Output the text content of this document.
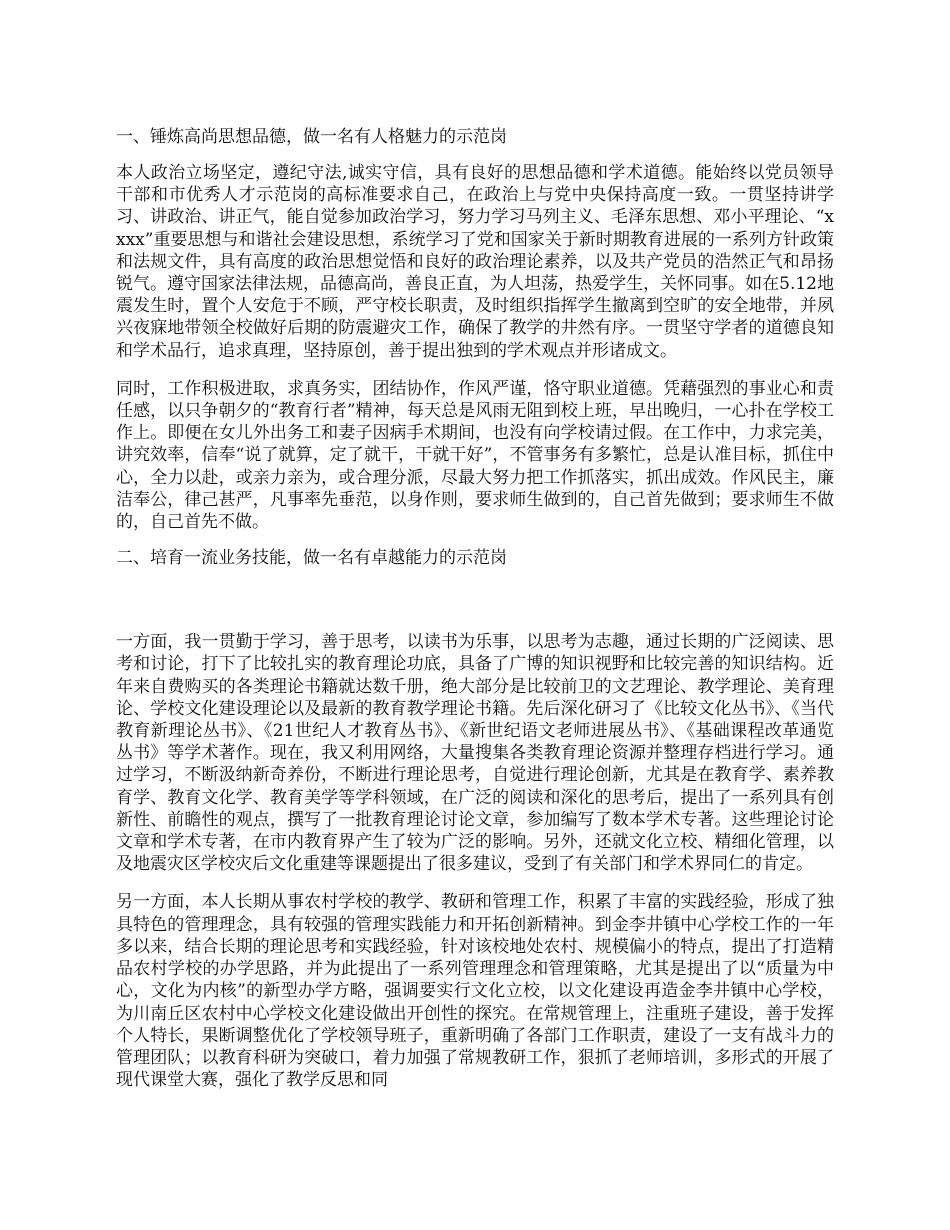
一、锤炼高尚思想品德，做一名有人格魅力的示范岗

本人政治立场坚定，遵纪守法,诚实守信，具有良好的思想品德和学术道德。能始终以党员领导干部和市优秀人才示范岗的高标准要求自己，在政治上与党中央保持高度一致。一贯坚持讲学习、讲政治、讲正气，能自觉参加政治学习，努力学习马列主义、毛泽东思想、邓小平理论、“xxxx”重要思想与和谐社会建设思想，系统学习了党和国家关于新时期教育进展的一系列方针政策和法规文件，具有高度的政治思想觉悟和良好的政治理论素养，以及共产党员的浩然正气和昂扬锐气。遵守国家法律法规，品德高尚，善良正直，为人坦荡，热爱学生，关怀同事。如在5.12地震发生时，置个人安危于不顾，严守校长职责，及时组织指挥学生撤离到空旷的安全地带，并夙兴夜寐地带领全校做好后期的防震避灾工作，确保了教学的井然有序。一贯坚守学者的道德良知和学术品行，追求真理，坚持原创，善于提出独到的学术观点并形诸成文。

同时，工作积极进取，求真务实，团结协作，作风严谨，恪守职业道德。凭藉强烈的事业心和责任感，以只争朝夕的“教育行者”精神，每天总是风雨无阻到校上班，早出晚归，一心扑在学校工作上。即便在女儿外出务工和妻子因病手术期间，也没有向学校请过假。在工作中，力求完美，讲究效率，信奉“说了就算，定了就干，干就干好”，不管事务有多繁忙，总是认准目标，抓住中心，全力以赴，或亲力亲为，或合理分派，尽最大努力把工作抓落实，抓出成效。作风民主，廉洁奉公，律己甚严，凡事率先垂范，以身作则，要求师生做到的，自己首先做到；要求师生不做的，自己首先不做。

二、培育一流业务技能，做一名有卓越能力的示范岗

一方面，我一贯勤于学习，善于思考，以读书为乐事，以思考为志趣，通过长期的广泛阅读、思考和讨论，打下了比较扎实的教育理论功底，具备了广博的知识视野和比较完善的知识结构。近年来自费购买的各类理论书籍就达数千册，绝大部分是比较前卫的文艺理论、教学理论、美育理论、学校文化建设理论以及最新的教育教学理论书籍。先后深化研习了《比较文化丛书》、《当代教育新理论丛书》、《21世纪人才教育丛书》、《新世纪语文老师进展丛书》、《基础课程改革通览丛书》等学术著作。现在，我又利用网络，大量搜集各类教育理论资源并整理存档进行学习。通过学习，不断汲纳新奇养份，不断进行理论思考，自觉进行理论创新，尤其是在教育学、素养教育学、教育文化学、教育美学等学科领域，在广泛的阅读和深化的思考后，提出了一系列具有创新性、前瞻性的观点，撰写了一批教育理论讨论文章，参加编写了数本学术专著。这些理论讨论文章和学术专著，在市内教育界产生了较为广泛的影响。另外，还就文化立校、精细化管理，以及地震灾区学校灾后文化重建等课题提出了很多建议，受到了有关部门和学术界同仁的肯定。

另一方面，本人长期从事农村学校的教学、教研和管理工作，积累了丰富的实践经验，形成了独具特色的管理理念，具有较强的管理实践能力和开拓创新精神。到金李井镇中心学校工作的一年多以来，结合长期的理论思考和实践经验，针对该校地处农村、规模偏小的特点，提出了打造精品农村学校的办学思路，并为此提出了一系列管理理念和管理策略，尤其是提出了以“质量为中心，文化为内核”的新型办学方略，强调要实行文化立校，以文化建设再造金李井镇中心学校，为川南丘区农村中心学校文化建设做出开创性的探究。在常规管理上，注重班子建设，善于发挥个人特长，果断调整优化了学校领导班子，重新明确了各部门工作职责，建设了一支有战斗力的管理团队；以教育科研为突破口，着力加强了常规教研工作，狠抓了老师培训，多形式的开展了现代课堂大赛，强化了教学反思和同
